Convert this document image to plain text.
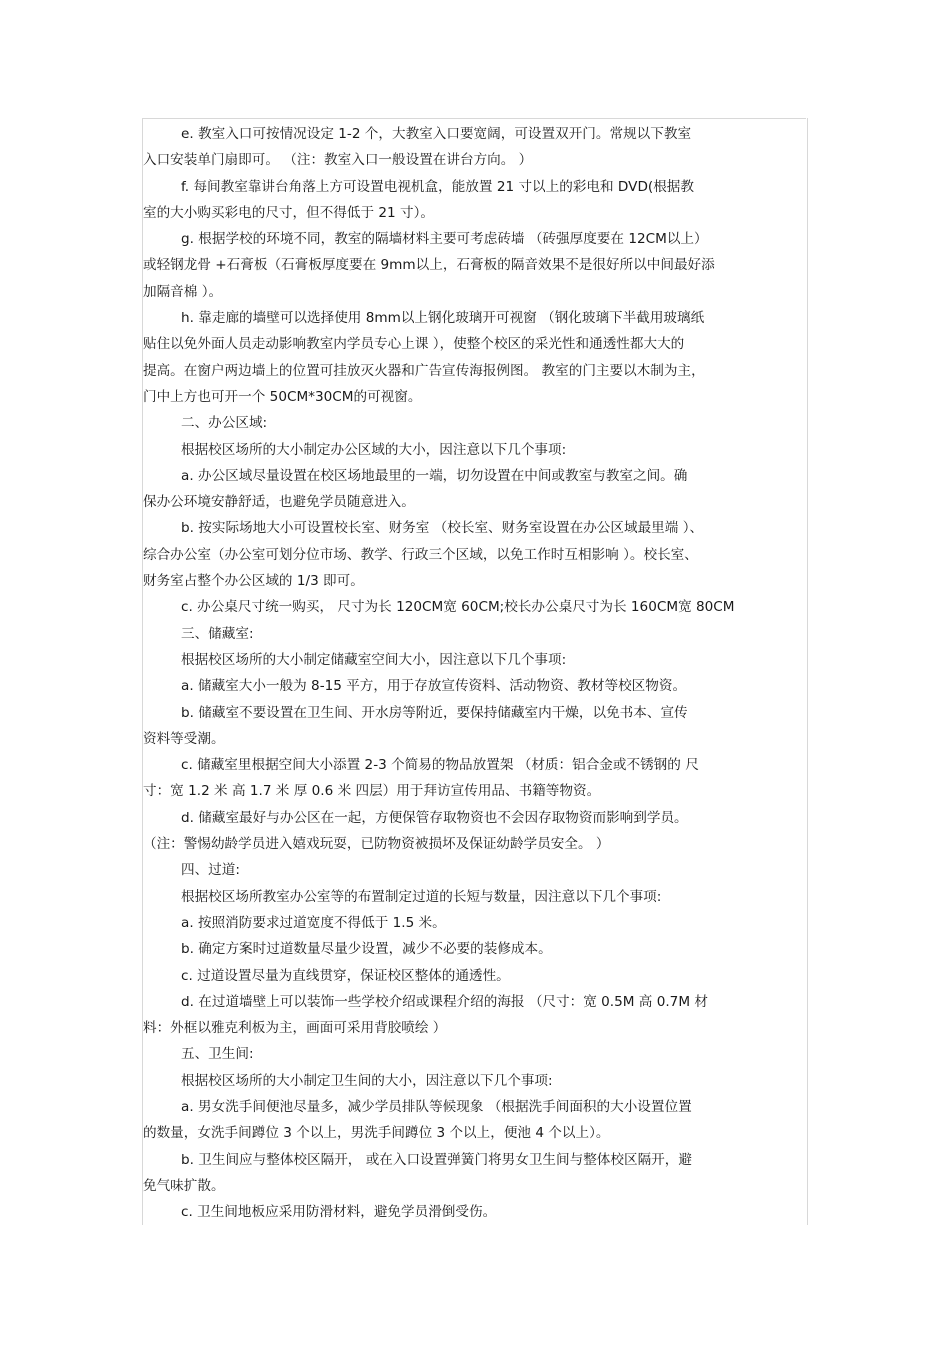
e. 教室入口可按情况设定 1-2 个，大教室入口要宽阔，可设置双开门。常规以下教室
入口安装单门扇即可。 （注：教室入口一般设置在讲台方向。 ）
f. 每间教室靠讲台角落上方可设置电视机盒，能放置 21 寸以上的彩电和 DVD(根据教
室的大小购买彩电的尺寸，但不得低于 21 寸）。
g. 根据学校的环境不同，教室的隔墙材料主要可考虑砖墙 （砖强厚度要在 12CM以上）
或轻钢龙骨 +石膏板（石膏板厚度要在 9mm以上，石膏板的隔音效果不是很好所以中间最好添
加隔音棉 ）。
h. 靠走廊的墙壁可以选择使用 8mm以上钢化玻璃开可视窗 （钢化玻璃下半截用玻璃纸
贴住以免外面人员走动影响教室内学员专心上课 ），使整个校区的采光性和通透性都大大的
提高。在窗户两边墙上的位置可挂放灭火器和广告宣传海报例图。 教室的门主要以木制为主，
门中上方也可开一个 50CM*30CM的可视窗。
二、办公区域:
根据校区场所的大小制定办公区域的大小，因注意以下几个事项:
a. 办公区域尽量设置在校区场地最里的一端，切勿设置在中间或教室与教室之间。确
保办公环境安静舒适，也避免学员随意进入。
b. 按实际场地大小可设置校长室、财务室 （校长室、财务室设置在办公区域最里端 ）、
综合办公室（办公室可划分位市场、教学、行政三个区域，以免工作时互相影响 ）。校长室、
财务室占整个办公区域的 1/3 即可。
c. 办公桌尺寸统一购买， 尺寸为长 120CM宽 60CM;校长办公桌尺寸为长 160CM宽 80CM
三、储藏室:
根据校区场所的大小制定储藏室空间大小，因注意以下几个事项:
a. 储藏室大小一般为 8-15 平方，用于存放宣传资料、活动物资、教材等校区物资。
b. 储藏室不要设置在卫生间、开水房等附近，要保持储藏室内干燥，以免书本、宣传
资料等受潮。
c. 储藏室里根据空间大小添置 2-3 个简易的物品放置架 （材质：铝合金或不锈钢的 尺
寸：宽 1.2 米 高 1.7 米 厚 0.6 米 四层）用于拜访宣传用品、书籍等物资。
d. 储藏室最好与办公区在一起，方便保管存取物资也不会因存取物资而影响到学员。
（注：警惕幼龄学员进入嬉戏玩耍，已防物资被损坏及保证幼龄学员安全。 ）
四、过道:
根据校区场所教室办公室等的布置制定过道的长短与数量，因注意以下几个事项:
a. 按照消防要求过道宽度不得低于 1.5 米。
b. 确定方案时过道数量尽量少设置，减少不必要的装修成本。
c. 过道设置尽量为直线贯穿，保证校区整体的通透性。
d. 在过道墙壁上可以装饰一些学校介绍或课程介绍的海报 （尺寸：宽 0.5M 高 0.7M 材
料：外框以雅克利板为主，画面可采用背胶喷绘 ）
五、卫生间:
根据校区场所的大小制定卫生间的大小，因注意以下几个事项:
a. 男女洗手间便池尽量多，减少学员排队等候现象 （根据洗手间面积的大小设置位置
的数量，女洗手间蹲位 3 个以上，男洗手间蹲位 3 个以上，便池 4 个以上）。
b. 卫生间应与整体校区隔开， 或在入口设置弹簧门将男女卫生间与整体校区隔开，避
免气味扩散。
c. 卫生间地板应采用防滑材料，避免学员滑倒受伤。
